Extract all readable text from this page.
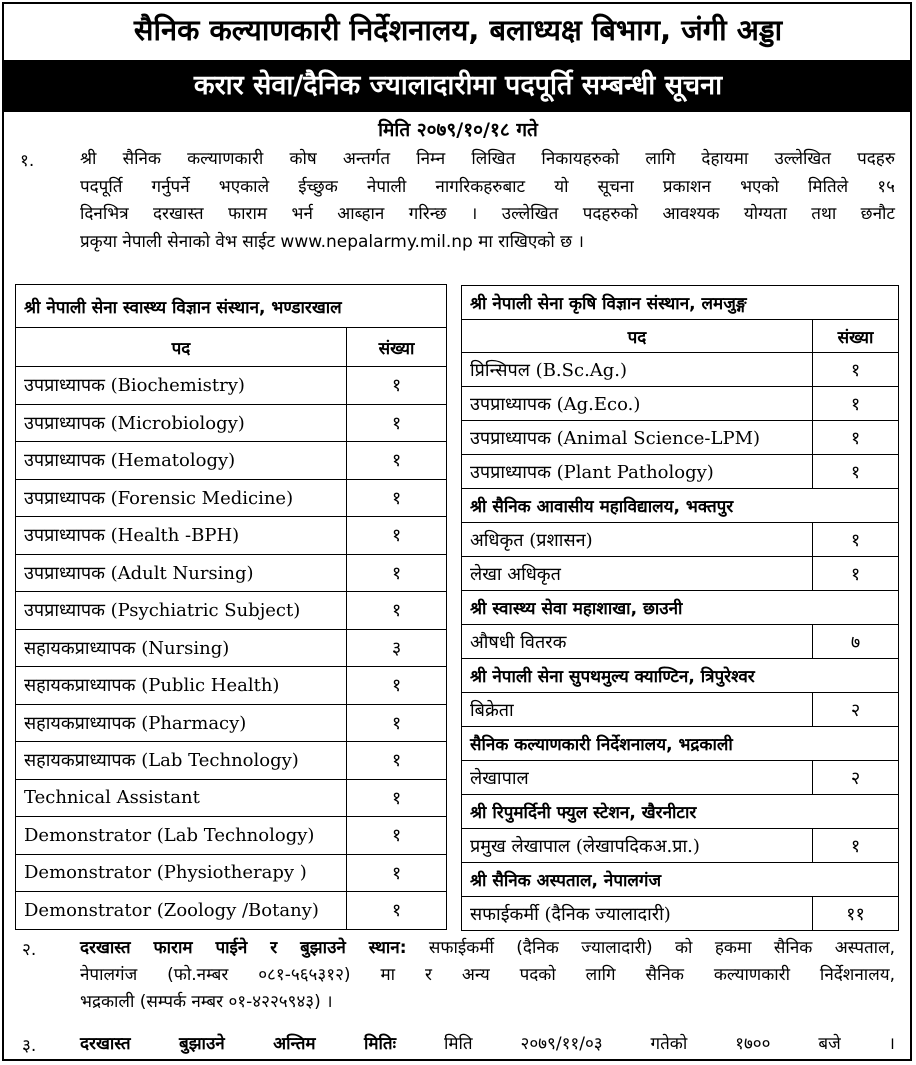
सैनिक कल्याणकारी निर्देशनालय, बलाध्यक्ष बिभाग, जंगी अड्डा
करार सेवा/दैनिक ज्यालादारीमा पदपूर्ति सम्बन्धी सूचना
मिति २०७९/१०/१८ गते
१.	श्री सैनिक कल्याणकारी कोष अन्तर्गत निम्न लिखित निकायहरुको लागि देहायमा उल्लेखित पदहरु
पदपूर्ति गर्नुपर्ने भएकाले ईच्छुक नेपाली नागरिकहरुबाट यो सूचना प्रकाशन भएको मितिले १५
दिनभित्र दरखास्त फाराम भर्न आब्हान गरिन्छ । उल्लेखित पदहरुको आवश्यक योग्यता तथा छनौट
प्रकृया नेपाली सेनाको वेभ साईट www.nepalarmy.mil.np मा राखिएको छ ।
श्री नेपाली सेना स्वास्थ्य विज्ञान संस्थान, भण्डारखाल	
पद	संख्या
उपप्राध्यापक (Biochemistry)	१
उपप्राध्यापक (Microbiology)	१
उपप्राध्यापक (Hematology)	१
उपप्राध्यापक (Forensic Medicine)	१
उपप्राध्यापक (Health -BPH)	१
उपप्राध्यापक (Adult Nursing)	१
उपप्राध्यापक (Psychiatric Subject)	१
सहायकप्राध्यापक (Nursing)	३
सहायकप्राध्यापक (Public Health)	१
सहायकप्राध्यापक (Pharmacy)	१
सहायकप्राध्यापक (Lab Technology)	१
Technical Assistant	१
Demonstrator (Lab Technology)	१
Demonstrator (Physiotherapy )	१
Demonstrator (Zoology /Botany)	१
श्री नेपाली सेना कृषि विज्ञान संस्थान, लमजुङ्ग	
पद	संख्या
प्रिन्सिपल (B.Sc.Ag.)	१
उपप्राध्यापक (Ag.Eco.)	१
उपप्राध्यापक (Animal Science-LPM)	१
उपप्राध्यापक (Plant Pathology)	१
श्री सैनिक आवासीय महाविद्यालय, भक्तपुर	
अधिकृत (प्रशासन)	१
लेखा अधिकृत	१
श्री स्वास्थ्य सेवा महाशाखा, छाउनी	
औषधी वितरक	७
श्री नेपाली सेना सुपथमुल्य क्याण्टिन, त्रिपुरेश्वर	
बिक्रेता	२
सैनिक कल्याणकारी निर्देशनालय, भद्रकाली	
लेखापाल	२
श्री रिपुमर्दिनी फ्युल स्टेशन, खैरनीटार	
प्रमुख लेखापाल (लेखापदिकअ.प्रा.)	१
श्री सैनिक अस्पताल, नेपालगंज	
सफाईकर्मी (दैनिक ज्यालादारी)	११
२.	दरखास्त फाराम पाईने र बुझाउने स्थान: सफाईकर्मी (दैनिक ज्यालादारी) को हकमा सैनिक अस्पताल,
नेपालगंज (फो.नम्बर ०८१-५६५३१२) मा र अन्य पदको लागि सैनिक कल्याणकारी निर्देशनालय,
भद्रकाली (सम्पर्क नम्बर ०१-४२२५९४३) ।
३.	दरखास्त बुझाउने अन्तिम मितिः मिति २०७९/११/०३ गतेको १७०० बजे ।
